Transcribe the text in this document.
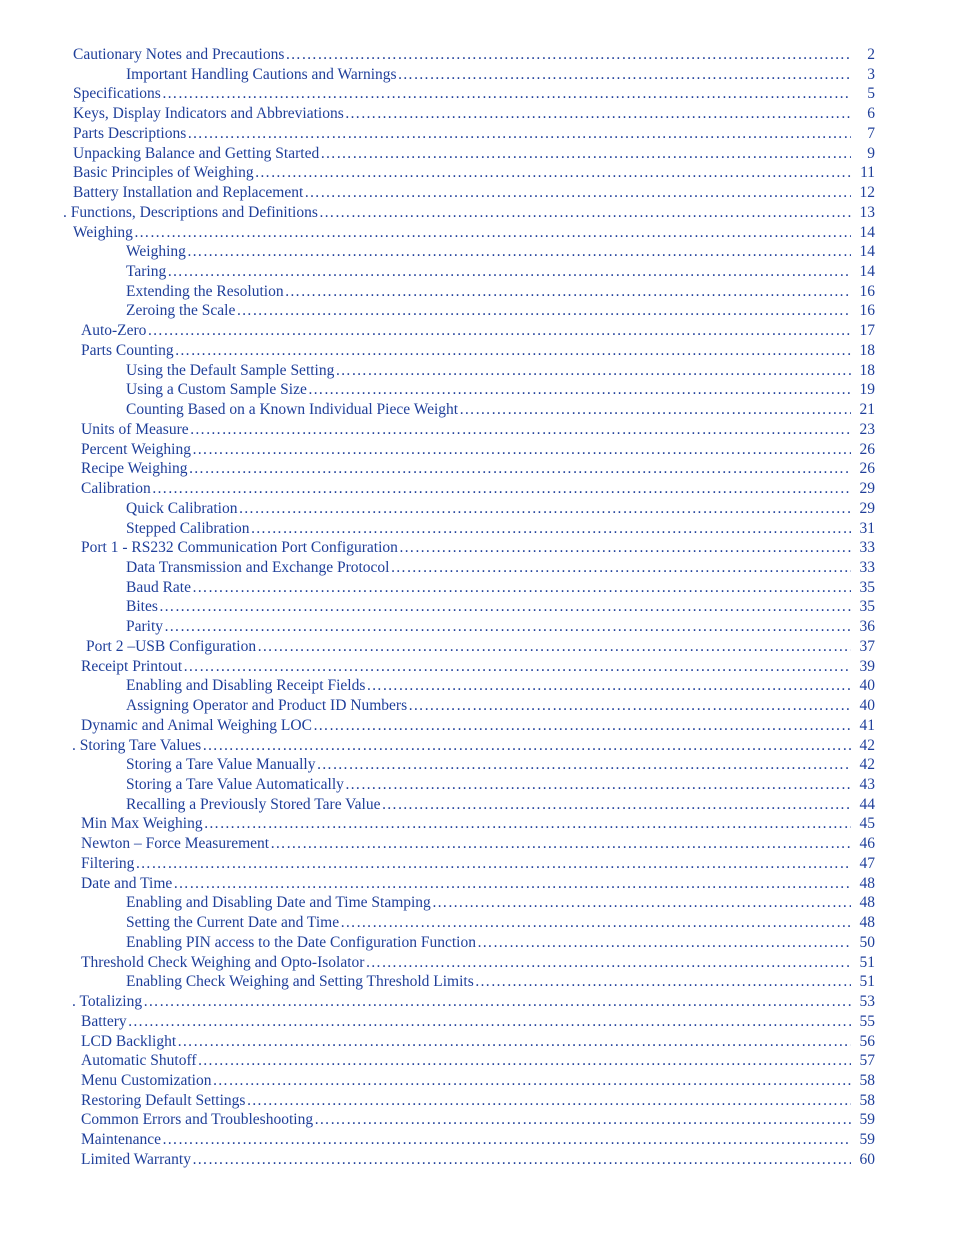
Cautionary Notes and Precautions ………………………………………………………………………………………………………………………………………………………………………………………………………………………………………………………………………………………………………………………………………………	2
Important Handling Cautions and Warnings ………………………………………………………………………………………………………………………………………………………………………………………………………………………………………………………………………………………………………………………………………………	3
Specifications ………………………………………………………………………………………………………………………………………………………………………………………………………………………………………………………………………………………………………………………………………………	5
Keys, Display Indicators and Abbreviations ………………………………………………………………………………………………………………………………………………………………………………………………………………………………………………………………………………………………………………………………………………	6
Parts Descriptions ………………………………………………………………………………………………………………………………………………………………………………………………………………………………………………………………………………………………………………………………………………	7
Unpacking Balance and Getting Started ………………………………………………………………………………………………………………………………………………………………………………………………………………………………………………………………………………………………………………………………………………	9
Basic Principles of Weighing ………………………………………………………………………………………………………………………………………………………………………………………………………………………………………………………………………………………………………………………………………………	11
Battery Installation and Replacement ………………………………………………………………………………………………………………………………………………………………………………………………………………………………………………………………………………………………………………………………………………	12
. Functions, Descriptions and Definitions ………………………………………………………………………………………………………………………………………………………………………………………………………………………………………………………………………………………………………………………………………………	13
Weighing ………………………………………………………………………………………………………………………………………………………………………………………………………………………………………………………………………………………………………………………………………………	14
Weighing ………………………………………………………………………………………………………………………………………………………………………………………………………………………………………………………………………………………………………………………………………………	14
Taring ………………………………………………………………………………………………………………………………………………………………………………………………………………………………………………………………………………………………………………………………………………	14
Extending the Resolution ………………………………………………………………………………………………………………………………………………………………………………………………………………………………………………………………………………………………………………………………………………	16
Zeroing the Scale ………………………………………………………………………………………………………………………………………………………………………………………………………………………………………………………………………………………………………………………………………………	16
Auto-Zero ………………………………………………………………………………………………………………………………………………………………………………………………………………………………………………………………………………………………………………………………………………	17
Parts Counting ………………………………………………………………………………………………………………………………………………………………………………………………………………………………………………………………………………………………………………………………………………	18
Using the Default Sample Setting ………………………………………………………………………………………………………………………………………………………………………………………………………………………………………………………………………………………………………………………………………………	18
Using a Custom Sample Size ………………………………………………………………………………………………………………………………………………………………………………………………………………………………………………………………………………………………………………………………………………	19
Counting Based on a Known Individual Piece Weight ………………………………………………………………………………………………………………………………………………………………………………………………………………………………………………………………………………………………………………………………………………	21
Units of Measure ………………………………………………………………………………………………………………………………………………………………………………………………………………………………………………………………………………………………………………………………………………	23
Percent Weighing ………………………………………………………………………………………………………………………………………………………………………………………………………………………………………………………………………………………………………………………………………………	26
Recipe Weighing ………………………………………………………………………………………………………………………………………………………………………………………………………………………………………………………………………………………………………………………………………………	26
Calibration ………………………………………………………………………………………………………………………………………………………………………………………………………………………………………………………………………………………………………………………………………………	29
Quick Calibration ………………………………………………………………………………………………………………………………………………………………………………………………………………………………………………………………………………………………………………………………………………	29
Stepped Calibration ………………………………………………………………………………………………………………………………………………………………………………………………………………………………………………………………………………………………………………………………………………	31
Port 1 - RS232 Communication Port Configuration ………………………………………………………………………………………………………………………………………………………………………………………………………………………………………………………………………………………………………………………………………………	33
Data Transmission and Exchange Protocol ………………………………………………………………………………………………………………………………………………………………………………………………………………………………………………………………………………………………………………………………………………	33
Baud Rate ………………………………………………………………………………………………………………………………………………………………………………………………………………………………………………………………………………………………………………………………………………	35
Bites ………………………………………………………………………………………………………………………………………………………………………………………………………………………………………………………………………………………………………………………………………………	35
Parity ………………………………………………………………………………………………………………………………………………………………………………………………………………………………………………………………………………………………………………………………………………	36
Port 2 –USB Configuration ………………………………………………………………………………………………………………………………………………………………………………………………………………………………………………………………………………………………………………………………………………	37
Receipt Printout ………………………………………………………………………………………………………………………………………………………………………………………………………………………………………………………………………………………………………………………………………………	39
Enabling and Disabling Receipt Fields ………………………………………………………………………………………………………………………………………………………………………………………………………………………………………………………………………………………………………………………………………………	40
Assigning Operator and Product ID Numbers ………………………………………………………………………………………………………………………………………………………………………………………………………………………………………………………………………………………………………………………………………………	40
Dynamic and Animal Weighing LOC ………………………………………………………………………………………………………………………………………………………………………………………………………………………………………………………………………………………………………………………………………………	41
. Storing Tare Values ………………………………………………………………………………………………………………………………………………………………………………………………………………………………………………………………………………………………………………………………………………	42
Storing a Tare Value Manually ………………………………………………………………………………………………………………………………………………………………………………………………………………………………………………………………………………………………………………………………………………	42
Storing a Tare Value Automatically ………………………………………………………………………………………………………………………………………………………………………………………………………………………………………………………………………………………………………………………………………………	43
Recalling a Previously Stored Tare Value ………………………………………………………………………………………………………………………………………………………………………………………………………………………………………………………………………………………………………………………………………………	44
Min Max Weighing ………………………………………………………………………………………………………………………………………………………………………………………………………………………………………………………………………………………………………………………………………………	45
Newton – Force Measurement ………………………………………………………………………………………………………………………………………………………………………………………………………………………………………………………………………………………………………………………………………………	46
Filtering ………………………………………………………………………………………………………………………………………………………………………………………………………………………………………………………………………………………………………………………………………………	47
Date and Time ………………………………………………………………………………………………………………………………………………………………………………………………………………………………………………………………………………………………………………………………………………	48
Enabling and Disabling Date and Time Stamping ………………………………………………………………………………………………………………………………………………………………………………………………………………………………………………………………………………………………………………………………………………	48
Setting the Current Date and Time ………………………………………………………………………………………………………………………………………………………………………………………………………………………………………………………………………………………………………………………………………………	48
Enabling PIN access to the Date Configuration Function ………………………………………………………………………………………………………………………………………………………………………………………………………………………………………………………………………………………………………………………………………………	50
Threshold Check Weighing and Opto-Isolator ………………………………………………………………………………………………………………………………………………………………………………………………………………………………………………………………………………………………………………………………………………	51
Enabling Check Weighing and Setting Threshold Limits ………………………………………………………………………………………………………………………………………………………………………………………………………………………………………………………………………………………………………………………………………………	51
. Totalizing ………………………………………………………………………………………………………………………………………………………………………………………………………………………………………………………………………………………………………………………………………………	53
Battery ………………………………………………………………………………………………………………………………………………………………………………………………………………………………………………………………………………………………………………………………………………	55
LCD Backlight ………………………………………………………………………………………………………………………………………………………………………………………………………………………………………………………………………………………………………………………………………………	56
Automatic Shutoff ………………………………………………………………………………………………………………………………………………………………………………………………………………………………………………………………………………………………………………………………………………	57
Menu Customization ………………………………………………………………………………………………………………………………………………………………………………………………………………………………………………………………………………………………………………………………………………	58
Restoring Default Settings ………………………………………………………………………………………………………………………………………………………………………………………………………………………………………………………………………………………………………………………………………………	58
Common Errors and Troubleshooting ………………………………………………………………………………………………………………………………………………………………………………………………………………………………………………………………………………………………………………………………………………	59
Maintenance ………………………………………………………………………………………………………………………………………………………………………………………………………………………………………………………………………………………………………………………………………………	59
Limited Warranty ………………………………………………………………………………………………………………………………………………………………………………………………………………………………………………………………………………………………………………………………………………	60
